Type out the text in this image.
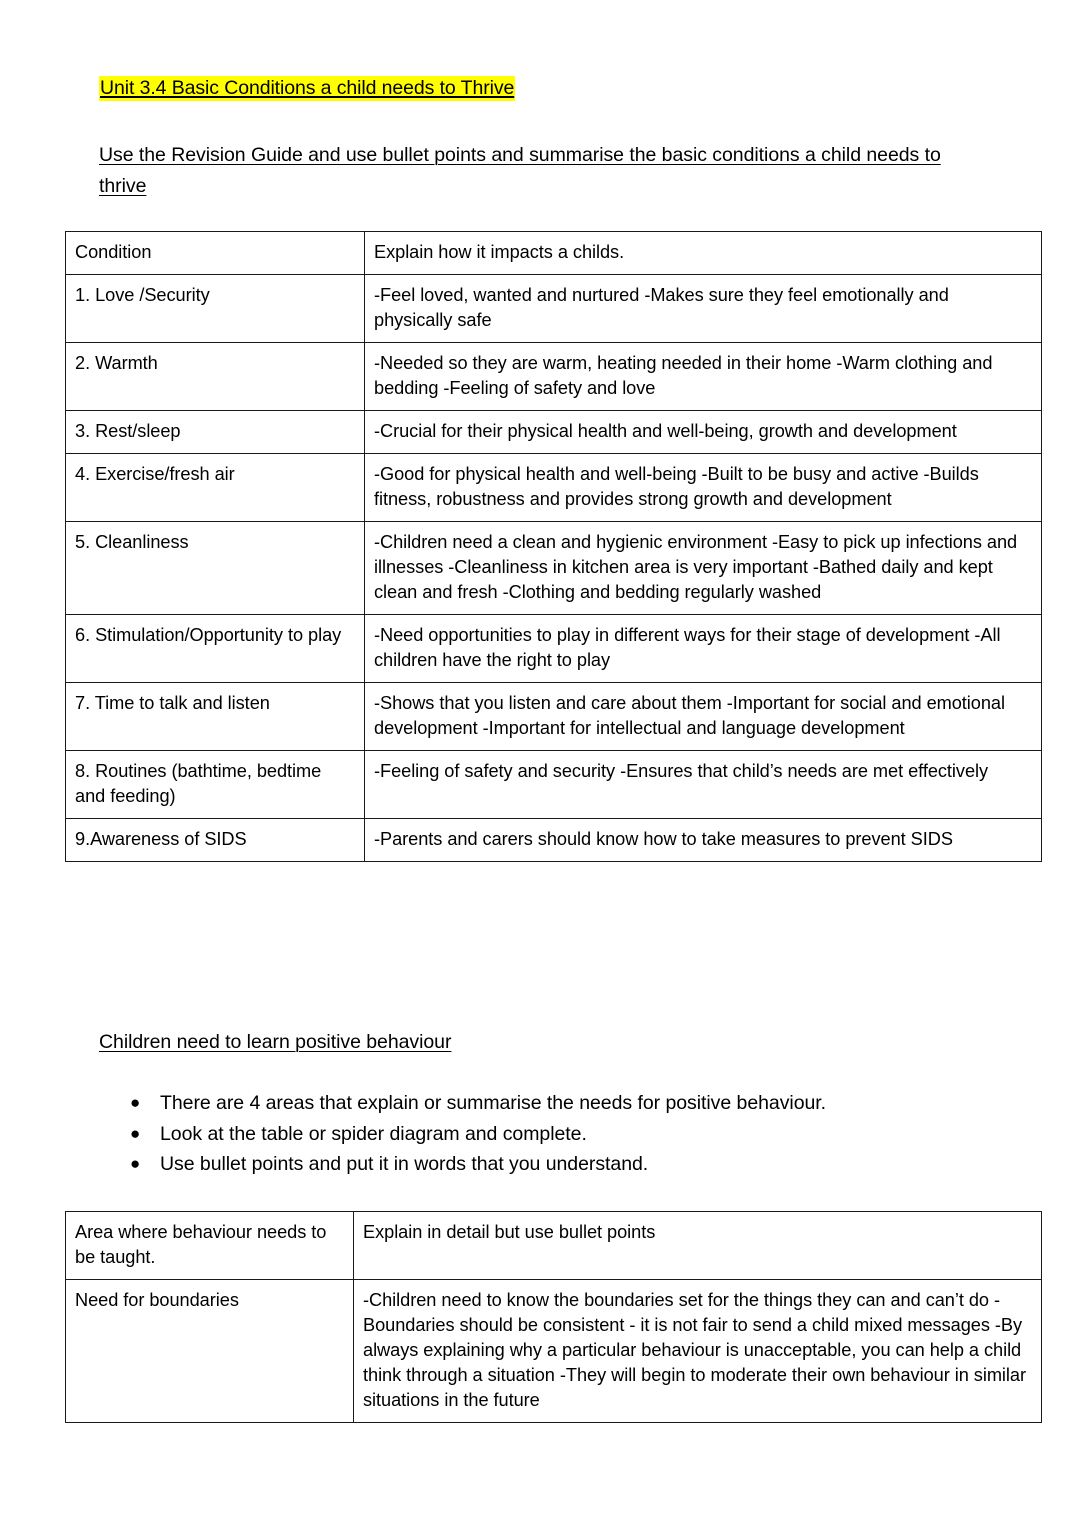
Unit 3.4 Basic Conditions a child needs to Thrive
Use the Revision Guide and use bullet points and summarise the basic conditions a child needs to thrive
Condition	Explain how it impacts a childs.
1. Love /Security	-Feel loved, wanted and nurtured -Makes sure they feel emotionally and physically safe
2. Warmth	-Needed so they are warm, heating needed in their home -Warm clothing and bedding -Feeling of safety and love
3. Rest/sleep	-Crucial for their physical health and well-being, growth and development
4. Exercise/fresh air	-Good for physical health and well-being -Built to be busy and active -Builds fitness, robustness and provides strong growth and development
5. Cleanliness	-Children need a clean and hygienic environment -Easy to pick up infections and illnesses -Cleanliness in kitchen area is very important -Bathed daily and kept clean and fresh -Clothing and bedding regularly washed
6. Stimulation/Opportunity to play	-Need opportunities to play in different ways for their stage of development -All children have the right to play
7. Time to talk and listen	-Shows that you listen and care about them -Important for social and emotional development -Important for intellectual and language development
8. Routines (bathtime, bedtime and feeding)	-Feeling of safety and security -Ensures that child’s needs are met effectively
9.Awareness of SIDS	-Parents and carers should know how to take measures to prevent SIDS
Children need to learn positive behaviour
●	There are 4 areas that explain or summarise the needs for positive behaviour.
●	Look at the table or spider diagram and complete.
●	Use bullet points and put it in words that you understand.
Area where behaviour needs to be taught.	Explain in detail but use bullet points
Need for boundaries	-Children need to know the boundaries set for the things they can and can’t do -Boundaries should be consistent - it is not fair to send a child mixed messages -By always explaining why a particular behaviour is unacceptable, you can help a child think through a situation -They will begin to moderate their own behaviour in similar situations in the future
